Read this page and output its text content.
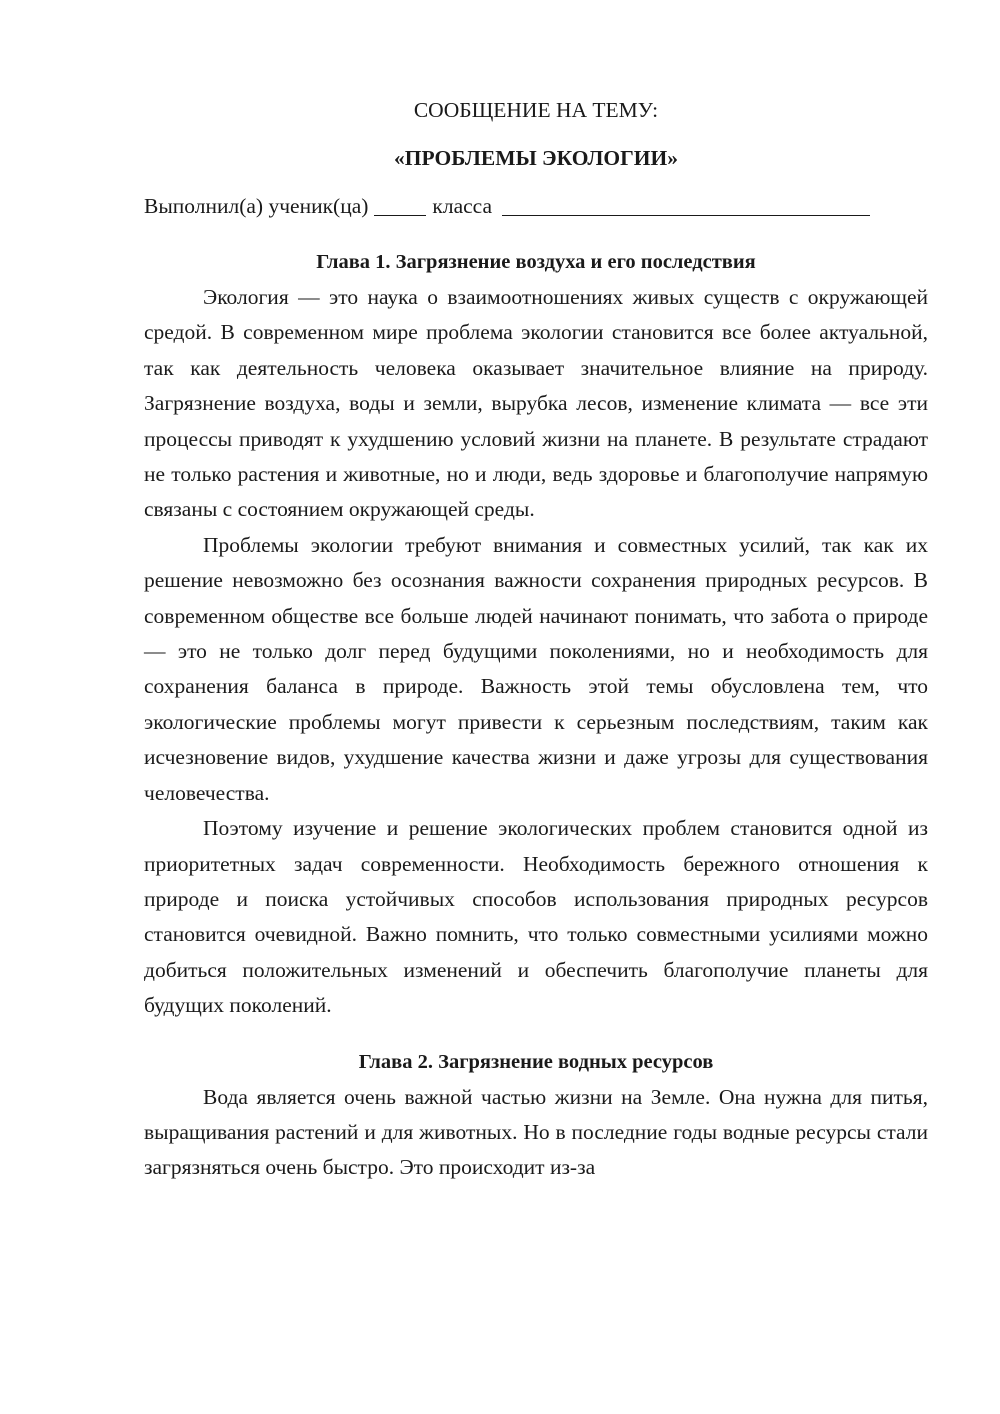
СООБЩЕНИЕ НА ТЕМУ:
«ПРОБЛЕМЫ ЭКОЛОГИИ»
Выполнил(а) ученик(ца)	класса
Глава 1. Загрязнение воздуха и его последствия

Экология — это наука о взаимоотношениях живых существ с окружающей средой. В современном мире проблема экологии становится все более актуальной, так как деятельность человека оказывает значительное влияние на природу. Загрязнение воздуха, воды и земли, вырубка лесов, изменение климата — все эти процессы приводят к ухудшению условий жизни на планете. В результате страдают не только растения и животные, но и люди, ведь здоровье и благополучие напрямую связаны с состоянием окружающей среды.

Проблемы экологии требуют внимания и совместных усилий, так как их решение невозможно без осознания важности сохранения природных ресурсов. В современном обществе все больше людей начинают понимать, что забота о природе — это не только долг перед будущими поколениями, но и необходимость для сохранения баланса в природе. Важность этой темы обусловлена тем, что экологические проблемы могут привести к серьезным последствиям, таким как исчезновение видов, ухудшение качества жизни и даже угрозы для существования человечества.

Поэтому изучение и решение экологических проблем становится одной из приоритетных задач современности. Необходимость бережного отношения к природе и поиска устойчивых способов использования природных ресурсов становится очевидной. Важно помнить, что только совместными усилиями можно добиться положительных изменений и обеспечить благополучие планеты для будущих поколений.

Глава 2. Загрязнение водных ресурсов

Вода является очень важной частью жизни на Земле. Она нужна для питья, выращивания растений и для животных. Но в последние годы водные ресурсы стали загрязняться очень быстро. Это происходит из-за
